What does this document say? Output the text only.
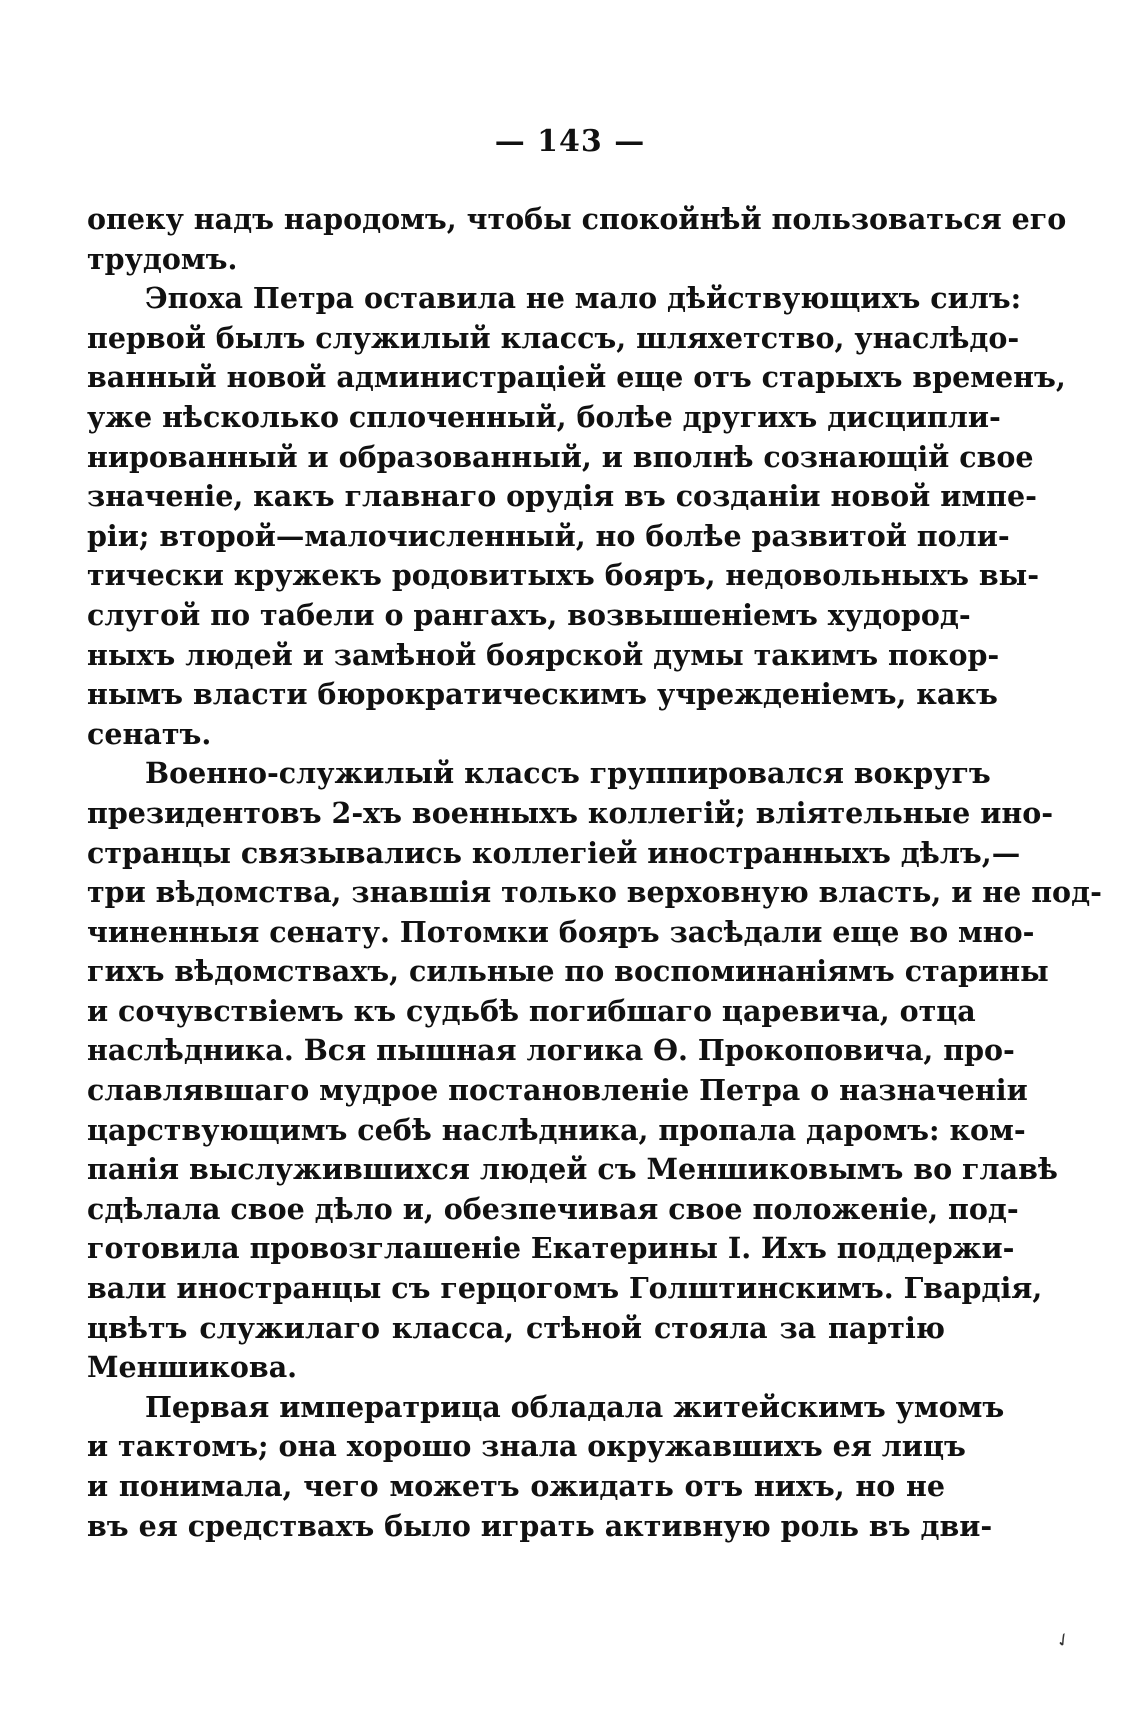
— 143 —
опеку надъ народомъ, чтобы спокойнѣй пользоваться его
трудомъ.
Эпоха Петра оставила не мало дѣйствующихъ силъ:
первой былъ служилый классъ, шляхетство, унаслѣдо-
ванный новой администраціей еще отъ старыхъ временъ,
уже нѣсколько сплоченный, болѣе другихъ дисципли-
нированный и образованный, и вполнѣ сознающій свое
значеніе, какъ главнаго орудія въ созданіи новой импе-
ріи; второй—малочисленный, но болѣе развитой поли-
тически кружекъ родовитыхъ бояръ, недовольныхъ вы-
слугой по табели о рангахъ, возвышеніемъ худород-
ныхъ людей и замѣной боярской думы такимъ покор-
нымъ власти бюрократическимъ учрежденіемъ, какъ
сенатъ.
Военно-служилый классъ группировался вокругъ
президентовъ 2-хъ военныхъ коллегій; вліятельные ино-
странцы связывались коллегіей иностранныхъ дѣлъ,—
три вѣдомства, знавшія только верховную власть, и не под-
чиненныя сенату. Потомки бояръ засѣдали еще во мно-
гихъ вѣдомствахъ, сильные по воспоминаніямъ старины
и сочувствіемъ къ судьбѣ погибшаго царевича, отца
наслѣдника. Вся пышная логика Ѳ. Прокоповича, про-
славлявшаго мудрое постановленіе Петра о назначеніи
царствующимъ себѣ наслѣдника, пропала даромъ: ком-
панія выслужившихся людей съ Меншиковымъ во главѣ
сдѣлала свое дѣло и, обезпечивая свое положеніе, под-
готовила провозглашеніе Екатерины I. Ихъ поддержи-
вали иностранцы съ герцогомъ Голштинскимъ. Гвардія,
цвѣтъ служилаго класса, стѣной стояла за партію
Меншикова.
Первая императрица обладала житейскимъ умомъ
и тактомъ; она хорошо знала окружавшихъ ея лицъ
и понимала, чего можетъ ожидать отъ нихъ, но не
въ ея средствахъ было играть активную роль въ дви-
✓
